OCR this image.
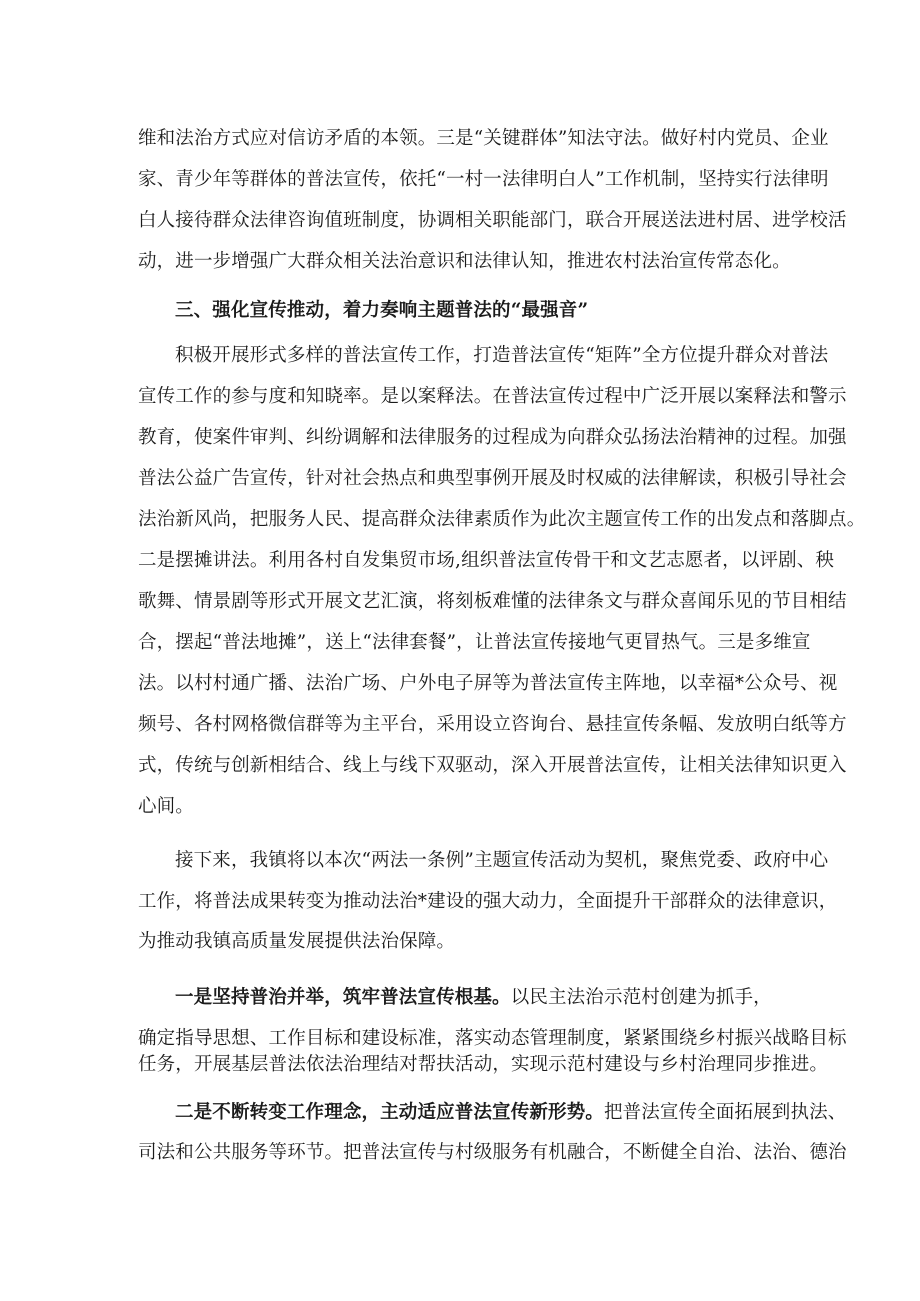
维和法治方式应对信访矛盾的本领。三是“关键群体”知法守法。做好村内党员、企业
家、青少年等群体的普法宣传，依托“一村一法律明白人”工作机制，坚持实行法律明
白人接待群众法律咨询值班制度，协调相关职能部门，联合开展送法进村居、进学校活
动，进一步增强广大群众相关法治意识和法律认知，推进农村法治宣传常态化。
三、强化宣传推动，着力奏响主题普法的“最强音”
积极开展形式多样的普法宣传工作，打造普法宣传“矩阵”全方位提升群众对普法
宣传工作的参与度和知晓率。是以案释法。在普法宣传过程中广泛开展以案释法和警示
教育，使案件审判、纠纷调解和法律服务的过程成为向群众弘扬法治精神的过程。加强
普法公益广告宣传，针对社会热点和典型事例开展及时权威的法律解读，积极引导社会
法治新风尚，把服务人民、提高群众法律素质作为此次主题宣传工作的出发点和落脚点。
二是摆摊讲法。利用各村自发集贸市场,组织普法宣传骨干和文艺志愿者，以评剧、秧
歌舞、情景剧等形式开展文艺汇演，将刻板难懂的法律条文与群众喜闻乐见的节目相结
合，摆起“普法地摊”，送上“法律套餐”，让普法宣传接地气更冒热气。三是多维宣
法。以村村通广播、法治广场、户外电子屏等为普法宣传主阵地，以幸福*公众号、视
频号、各村网格微信群等为主平台，采用设立咨询台、悬挂宣传条幅、发放明白纸等方
式，传统与创新相结合、线上与线下双驱动，深入开展普法宣传，让相关法律知识更入
心间。
接下来，我镇将以本次“两法一条例”主题宣传活动为契机，聚焦党委、政府中心
工作，将普法成果转变为推动法治*建设的强大动力，全面提升干部群众的法律意识，
为推动我镇高质量发展提供法治保障。
一是坚持普治并举，筑牢普法宣传根基。以民主法治示范村创建为抓手，
确定指导思想、工作目标和建设标准，落实动态管理制度，紧紧围绕乡村振兴战略目标
任务，开展基层普法依法治理结对帮扶活动，实现示范村建设与乡村治理同步推进。
二是不断转变工作理念，主动适应普法宣传新形势。把普法宣传全面拓展到执法、
司法和公共服务等环节。把普法宣传与村级服务有机融合，不断健全自治、法治、德治
